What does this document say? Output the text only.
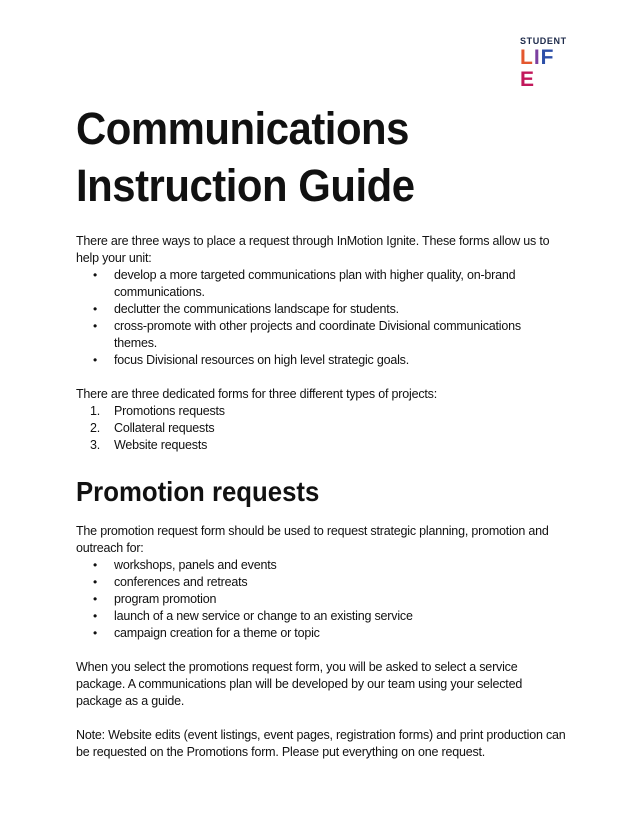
STUDENT
LIFE
Communications
Instruction Guide

There are three ways to place a request through InMotion Ignite. These forms allow us to help your unit:

• develop a more targeted communications plan with higher quality, on-brand communications.
• declutter the communications landscape for students.
• cross-promote with other projects and coordinate Divisional communications themes.
• focus Divisional resources on high level strategic goals.

There are three dedicated forms for three different types of projects:

1. Promotions requests
2. Collateral requests
3. Website requests
Promotion requests

The promotion request form should be used to request strategic planning, promotion and outreach for:

• workshops, panels and events
• conferences and retreats
• program promotion
• launch of a new service or change to an existing service
• campaign creation for a theme or topic

When you select the promotions request form, you will be asked to select a service package. A communications plan will be developed by our team using your selected package as a guide.

Note: Website edits (event listings, event pages, registration forms) and print production can be requested on the Promotions form. Please put everything on one request.
